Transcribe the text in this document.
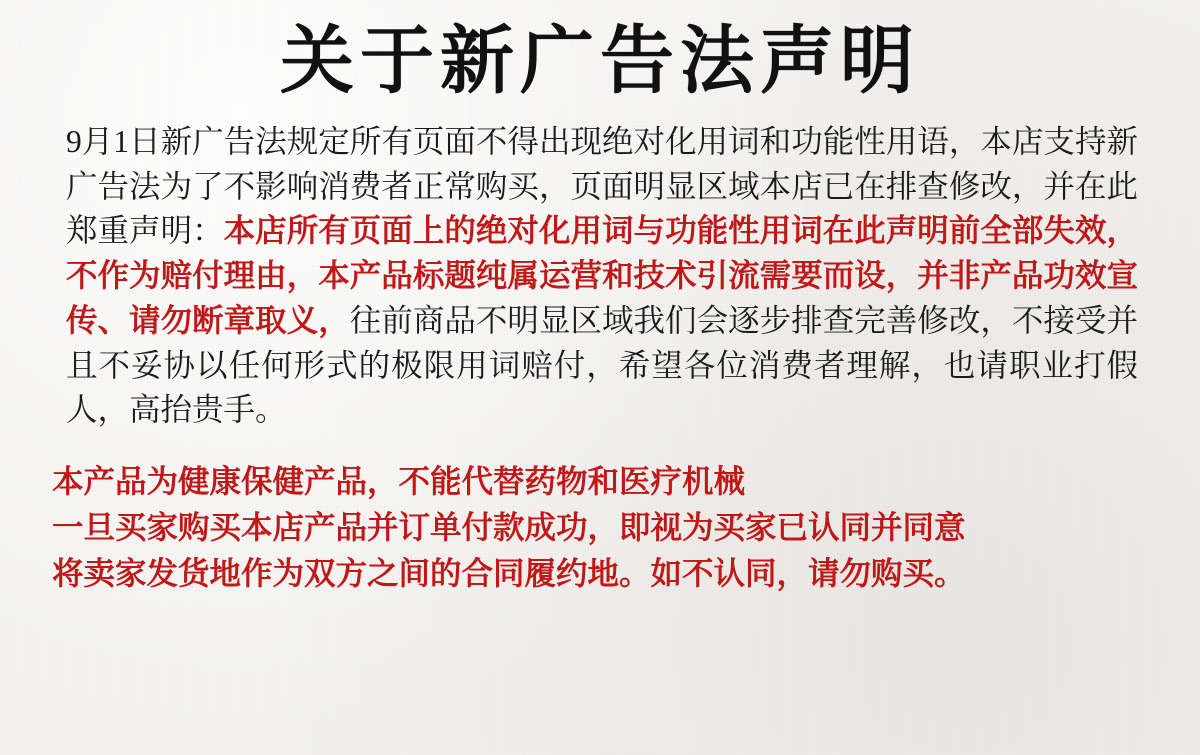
关于新广告法声明

9月1日新广告法规定所有页面不得出现绝对化用词和功能性用语，本店支持新广告法为了不影响消费者正常购买，页面明显区域本店已在排查修改，并在此郑重声明：本店所有页面上的绝对化用词与功能性用词在此声明前全部失效，不作为赔付理由，本产品标题纯属运营和技术引流需要而设，并非产品功效宣传、请勿断章取义，往前商品不明显区域我们会逐步排查完善修改，不接受并且不妥协以任何形式的极限用词赔付，希望各位消费者理解，也请职业打假人，高抬贵手。

本产品为健康保健产品，不能代替药物和医疗机械
一旦买家购买本店产品并订单付款成功，即视为买家已认同并同意
将卖家发货地作为双方之间的合同履约地。如不认同，请勿购买。
